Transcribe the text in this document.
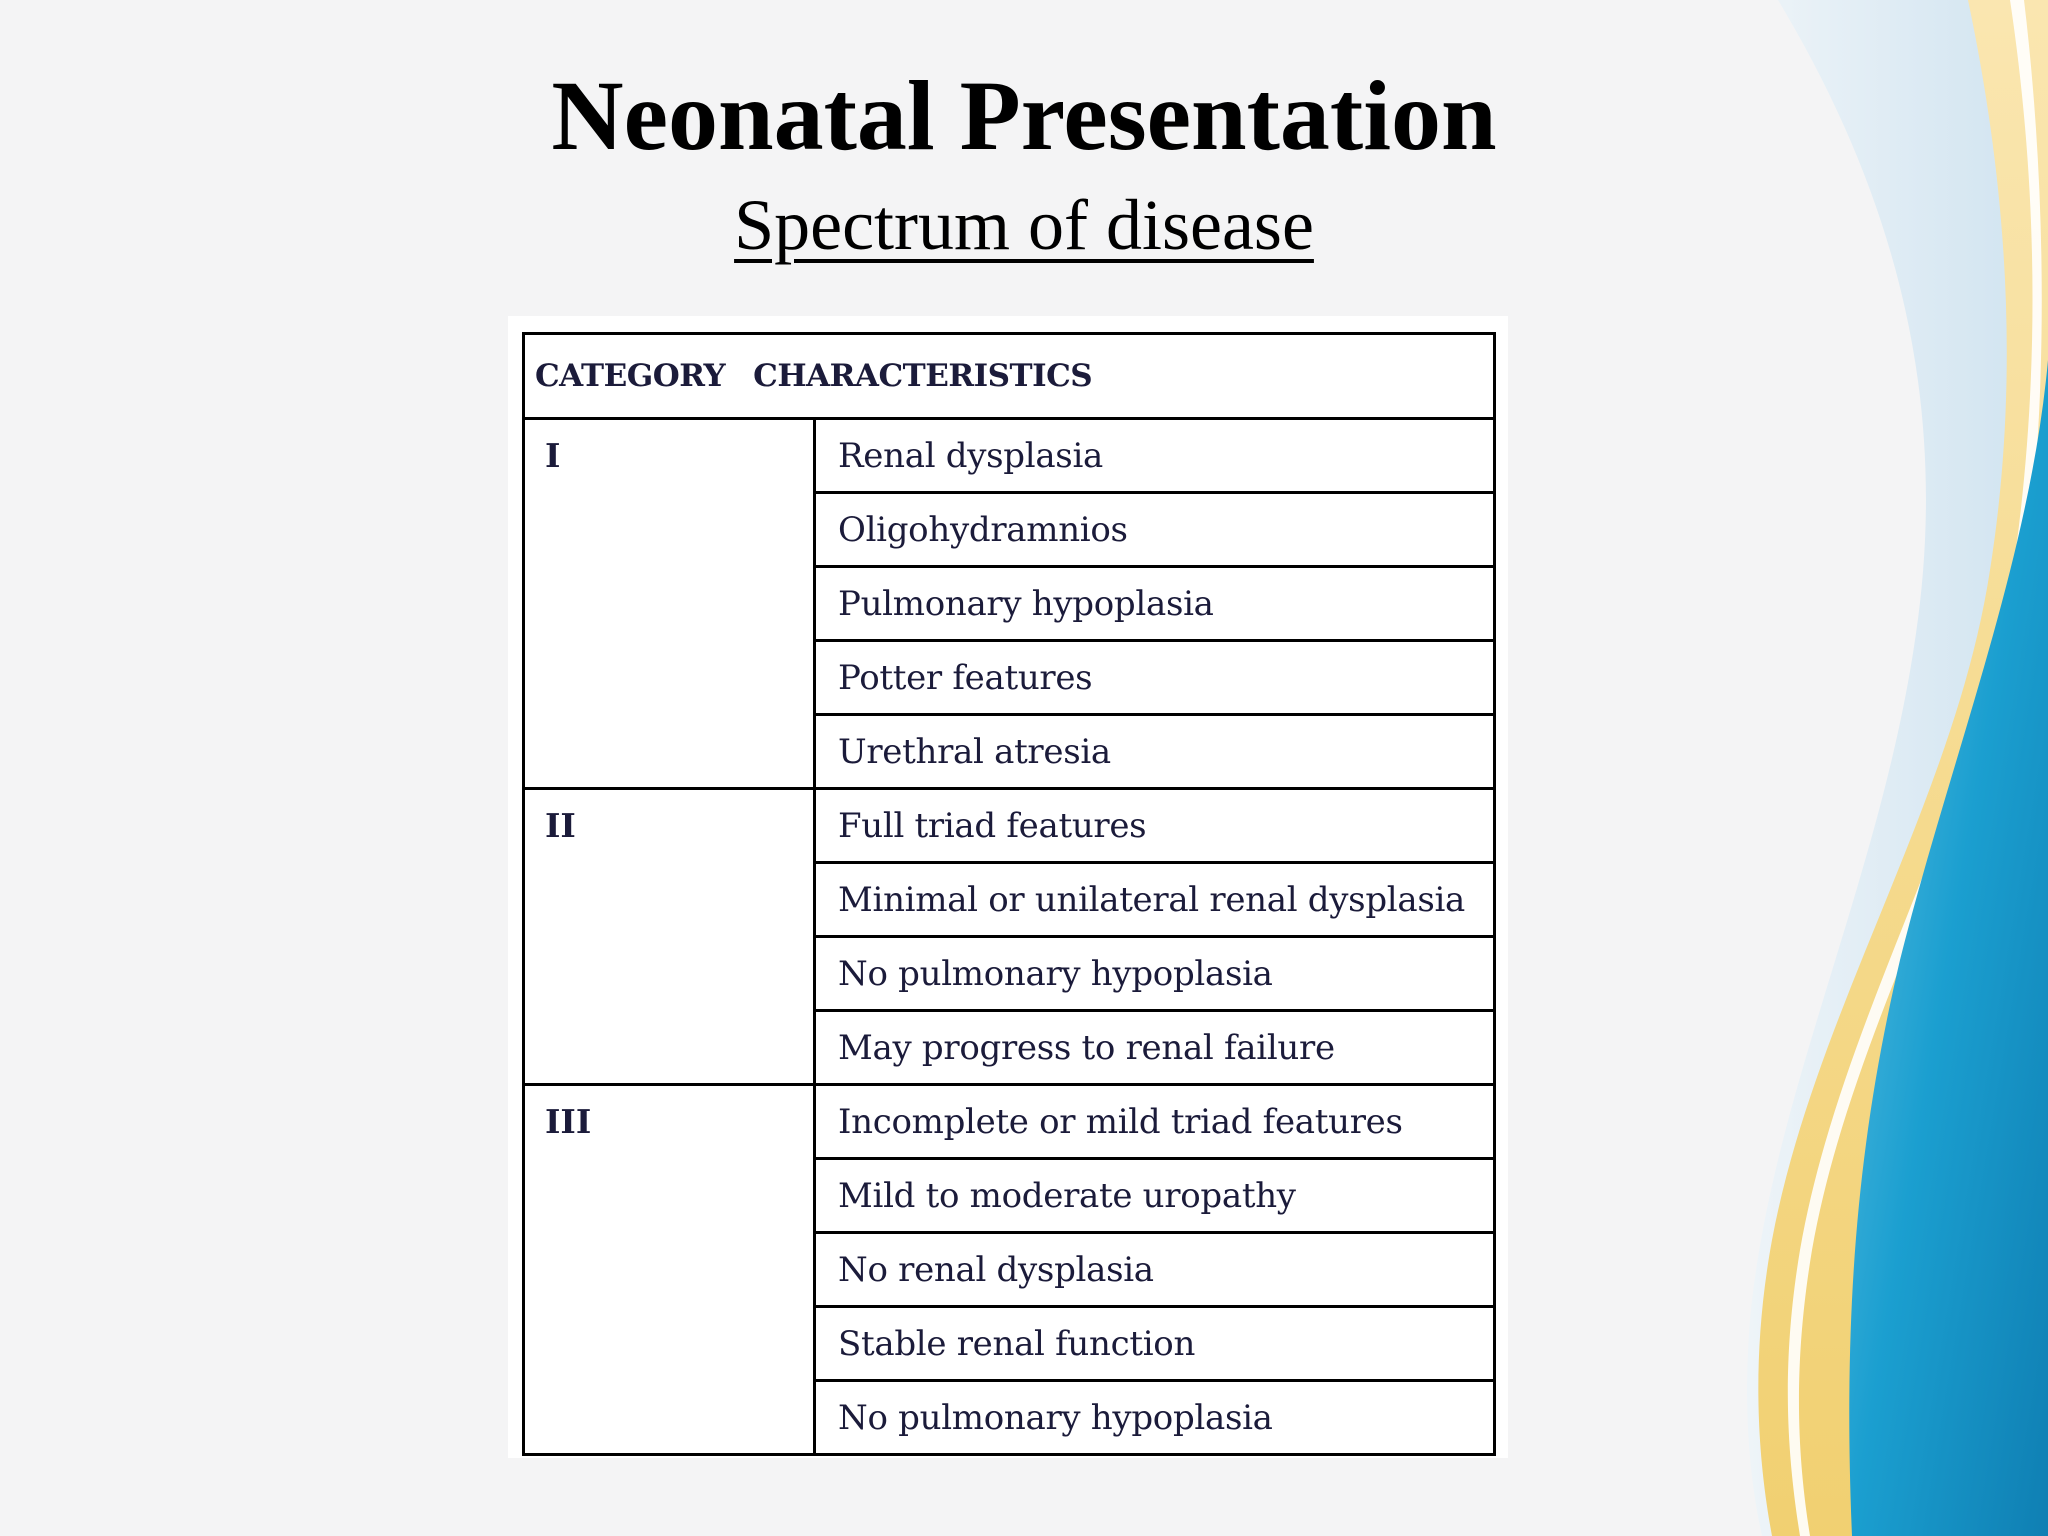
Neonatal Presentation
Spectrum of disease
CATEGORY CHARACTERISTICS	
I	Renal dysplasia
	Oligohydramnios
	Pulmonary hypoplasia
	Potter features
	Urethral atresia
II	Full triad features
	Minimal or unilateral renal dysplasia
	No pulmonary hypoplasia
	May progress to renal failure
III	Incomplete or mild triad features
	Mild to moderate uropathy
	No renal dysplasia
	Stable renal function
	No pulmonary hypoplasia
